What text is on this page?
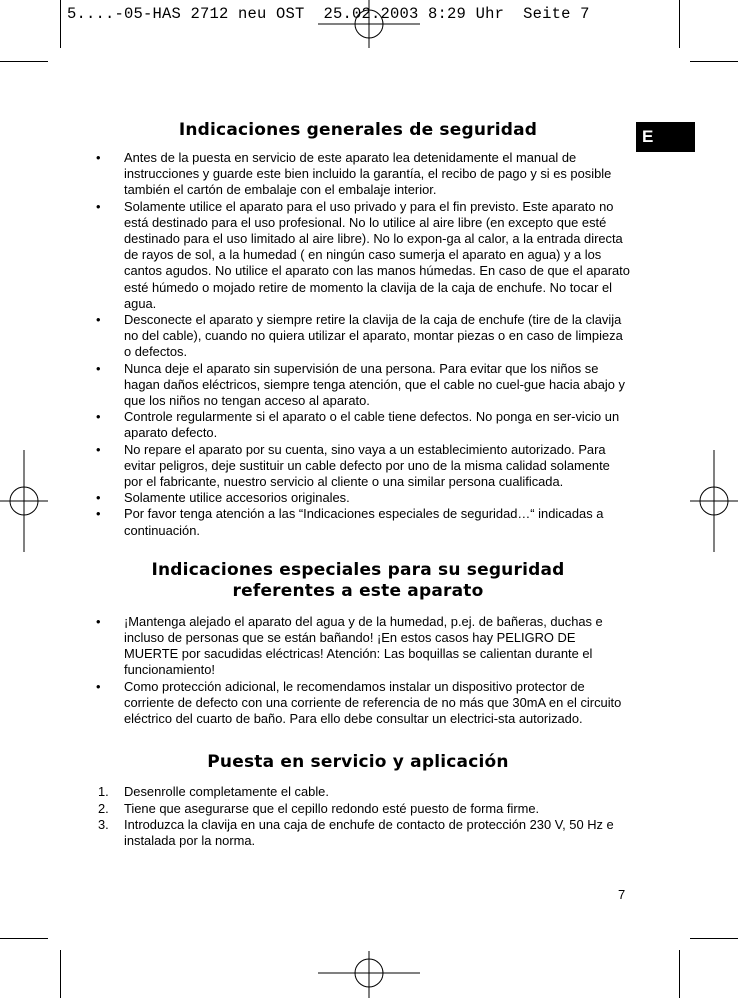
5....-05-HAS 2712 neu OST  25.02.2003 8:29 Uhr  Seite 7
E
Indicaciones generales de seguridad
• Antes de la puesta en servicio de este aparato lea detenidamente el manual de instrucciones y guarde este bien incluido la garantía, el recibo de pago y si es posible también el cartón de embalaje con el embalaje interior.
• Solamente utilice el aparato para el uso privado y para el fin previsto. Este aparato no está destinado para el uso profesional. No lo utilice al aire libre (en excepto que esté destinado para el uso limitado al aire libre). No lo expon-ga al calor, a la entrada directa de rayos de sol, a la humedad ( en ningún caso sumerja el aparato en agua) y a los cantos agudos. No utilice el aparato con las manos húmedas. En caso de que el aparato esté húmedo o mojado retire de momento la clavija de la caja de enchufe. No tocar el agua.
• Desconecte el aparato y siempre retire la clavija de la caja de enchufe (tire de la clavija no del cable), cuando no quiera utilizar el aparato, montar piezas o en caso de limpieza o defectos.
• Nunca deje el aparato sin supervisión de una persona. Para evitar que los niños se hagan daños eléctricos, siempre tenga atención, que el cable no cuel-gue hacia abajo y que los niños no tengan acceso al aparato.
• Controle regularmente si el aparato o el cable tiene defectos. No ponga en ser-vicio un aparato defecto.
• No repare el aparato por su cuenta, sino vaya a un establecimiento autorizado. Para evitar peligros, deje sustituir un cable defecto por uno de la misma calidad solamente por el fabricante, nuestro servicio al cliente o una similar persona cualificada.
• Solamente utilice accesorios originales.
• Por favor tenga atención a las “Indicaciones especiales de seguridad…“ indicadas a continuación.
Indicaciones especiales para su seguridad
referentes a este aparato
• ¡Mantenga alejado el aparato del agua y de la humedad, p.ej. de bañeras, duchas e incluso de personas que se están bañando! ¡En estos casos hay PELIGRO DE MUERTE por sacudidas eléctricas! Atención: Las boquillas se calientan durante el funcionamiento!
• Como protección adicional, le recomendamos instalar un dispositivo protector de corriente de defecto con una corriente de referencia de no más que 30mA en el circuito eléctrico del cuarto de baño. Para ello debe consultar un electrici-sta autorizado.
Puesta en servicio y aplicación
1. Desenrolle completamente el cable.
2. Tiene que asegurarse que el cepillo redondo esté puesto de forma firme.
3. Introduzca la clavija en una caja de enchufe de contacto de protección 230 V, 50 Hz e instalada por la norma.
7
